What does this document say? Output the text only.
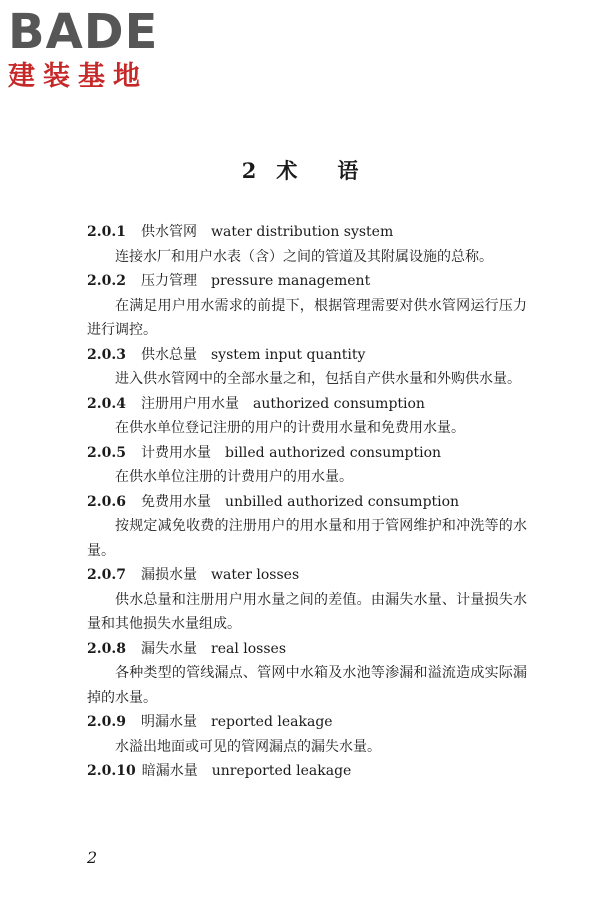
BADE
建装基地
2 术 语
2.0.1 供水管网 water distribution system

连接水厂和用户水表（含）之间的管道及其附属设施的总称。

2.0.2 压力管理 pressure management

在满足用户用水需求的前提下，根据管理需要对供水管网运行压力进行调控。

2.0.3 供水总量 system input quantity

进入供水管网中的全部水量之和，包括自产供水量和外购供水量。

2.0.4 注册用户用水量 authorized consumption

在供水单位登记注册的用户的计费用水量和免费用水量。

2.0.5 计费用水量 billed authorized consumption

在供水单位注册的计费用户的用水量。

2.0.6 免费用水量 unbilled authorized consumption

按规定减免收费的注册用户的用水量和用于管网维护和冲洗等的水量。

2.0.7 漏损水量 water losses

供水总量和注册用户用水量之间的差值。由漏失水量、计量损失水量和其他损失水量组成。

2.0.8 漏失水量 real losses

各种类型的管线漏点、管网中水箱及水池等渗漏和溢流造成实际漏掉的水量。

2.0.9 明漏水量 reported leakage

水溢出地面或可见的管网漏点的漏失水量。

2.0.10 暗漏水量 unreported leakage
2
